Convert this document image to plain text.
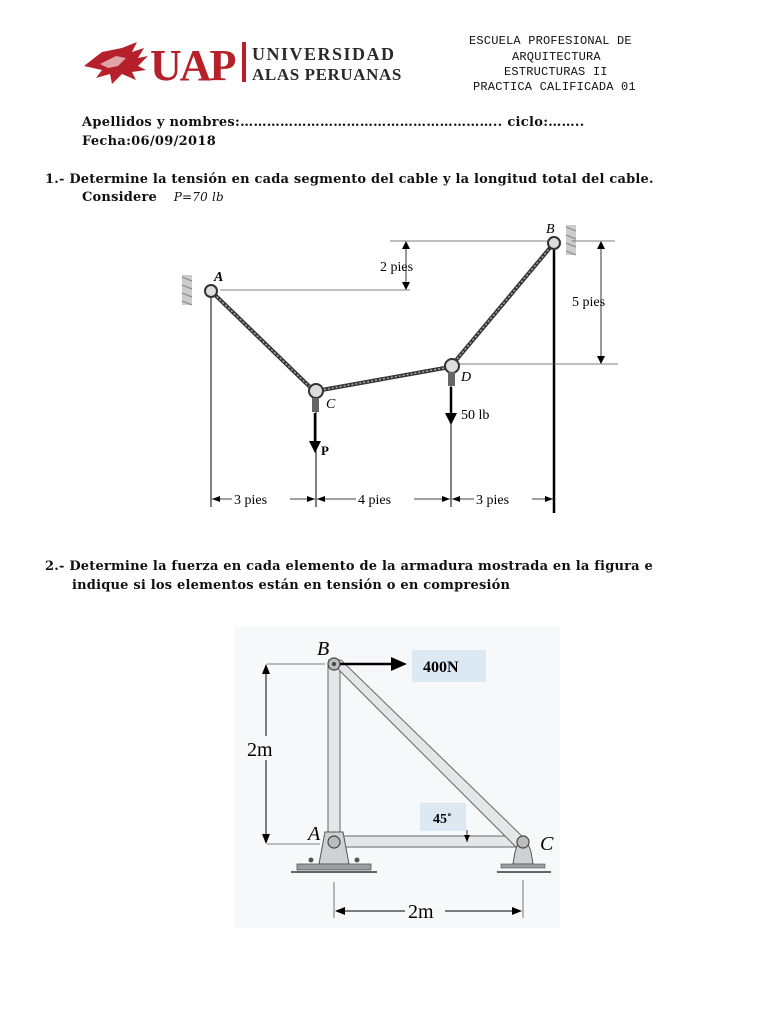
UAP UNIVERSIDAD
ALAS PERUANAS
ESCUELA PROFESIONAL DE
ARQUITECTURA
ESTRUCTURAS II
PRACTICA CALIFICADA 01
Apellidos y nombres:………………………………………………….. ciclo:……..
Fecha:06/09/2018
1.- Determine la tensión en cada segmento del cable y la longitud total del cable.
Considere P=70 lb
2 pies
5 pies
A
B
C
D
P
50 lb
3 pies	4 pies	3 pies
2.- Determine la fuerza en cada elemento de la armadura mostrada en la figura e
indique si los elementos están en tensión o en compresión
400N
45˚
B
A	C
2m
2m
